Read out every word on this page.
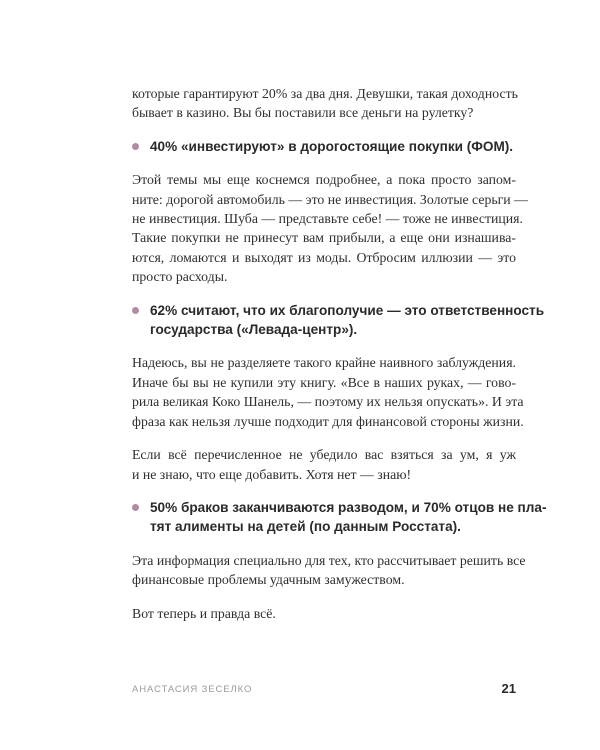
которые гарантируют 20% за два дня. Девушки, такая доходность
бывает в казино. Вы бы поставили все деньги на рулетку?
40% «инвестируют» в дорогостоящие покупки (ФОМ).
Этой темы мы еще коснемся подробнее, а пока просто запом-
ните: дорогой автомобиль — это не инвестиция. Золотые серьги —
не инвестиция. Шуба — представьте себе! — тоже не инвестиция.
Такие покупки не принесут вам прибыли, а еще они изнашива-
ются, ломаются и выходят из моды. Отбросим иллюзии — это
просто расходы.
62% считают, что их благополучие — это ответственность
государства («Левада-центр»).
Надеюсь, вы не разделяете такого крайне наивного заблуждения.
Иначе бы вы не купили эту книгу. «Все в наших руках, — гово-
рила великая Коко Шанель, — поэтому их нельзя опускать». И эта
фраза как нельзя лучше подходит для финансовой стороны жизни.
Если всё перечисленное не убедило вас взяться за ум, я уж
и не знаю, что еще добавить. Хотя нет — знаю!
50% браков заканчиваются разводом, и 70% отцов не пла-
тят алименты на детей (по данным Росстата).
Эта информация специально для тех, кто рассчитывает решить все
финансовые проблемы удачным замужеством.
Вот теперь и правда всё.
АНАСТАСИЯ ЗЕСЕЛКО	21
